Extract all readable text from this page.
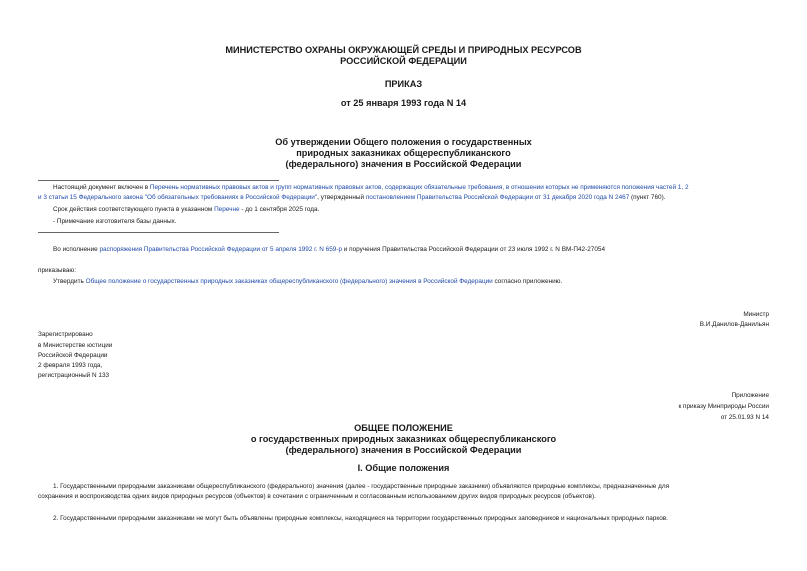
МИНИСТЕРСТВО ОХРАНЫ ОКРУЖАЮЩЕЙ СРЕДЫ И ПРИРОДНЫХ РЕСУРСОВ
РОССИЙСКОЙ ФЕДЕРАЦИИ
ПРИКАЗ
от 25 января 1993 года N 14
Об утверждении Общего положения о государственных
природных заказниках общереспубликанского
(федерального) значения в Российской Федерации
Настоящий документ включен в Перечень нормативных правовых актов и групп нормативных правовых актов, содержащих обязательные требования, в отношении которых не применяются положения частей 1, 2
и 3 статьи 15 Федерального закона "Об обязательных требованиях в Российской Федерации", утвержденный постановлением Правительства Российской Федерации от 31 декабря 2020 года N 2467 (пункт 760).
Срок действия соответствующего пункта в указанном Перечне - до 1 сентября 2025 года.
- Примечание изготовителя базы данных.
Во исполнение распоряжения Правительства Российской Федерации от 5 апреля 1992 г. N 659-р и поручения Правительства Российской Федерации от 23 июля 1992 г. N ВМ-П42-27054
приказываю:
Утвердить Общее положение о государственных природных заказниках общереспубликанского (федерального) значения в Российской Федерации согласно приложению.
Министр
В.И.Данилов-Данильян
Зарегистрировано
в Министерстве юстиции
Российской Федерации
2 февраля 1993 года,
регистрационный N 133
Приложение
к приказу Минприроды России
от 25.01.93 N 14
ОБЩЕЕ ПОЛОЖЕНИЕ
о государственных природных заказниках общереспубликанского
(федерального) значения в Российской Федерации
I. Общие положения
1. Государственными природными заказниками общереспубликанского (федерального) значения (далее - государственные природные заказники) объявляются природные комплексы, предназначенные для
сохранения и воспроизводства одних видов природных ресурсов (объектов) в сочетании с ограниченным и согласованным использованием других видов природных ресурсов (объектов).
2. Государственными природными заказниками не могут быть объявлены природные комплексы, находящиеся на территории государственных природных заповедников и национальных природных парков.
